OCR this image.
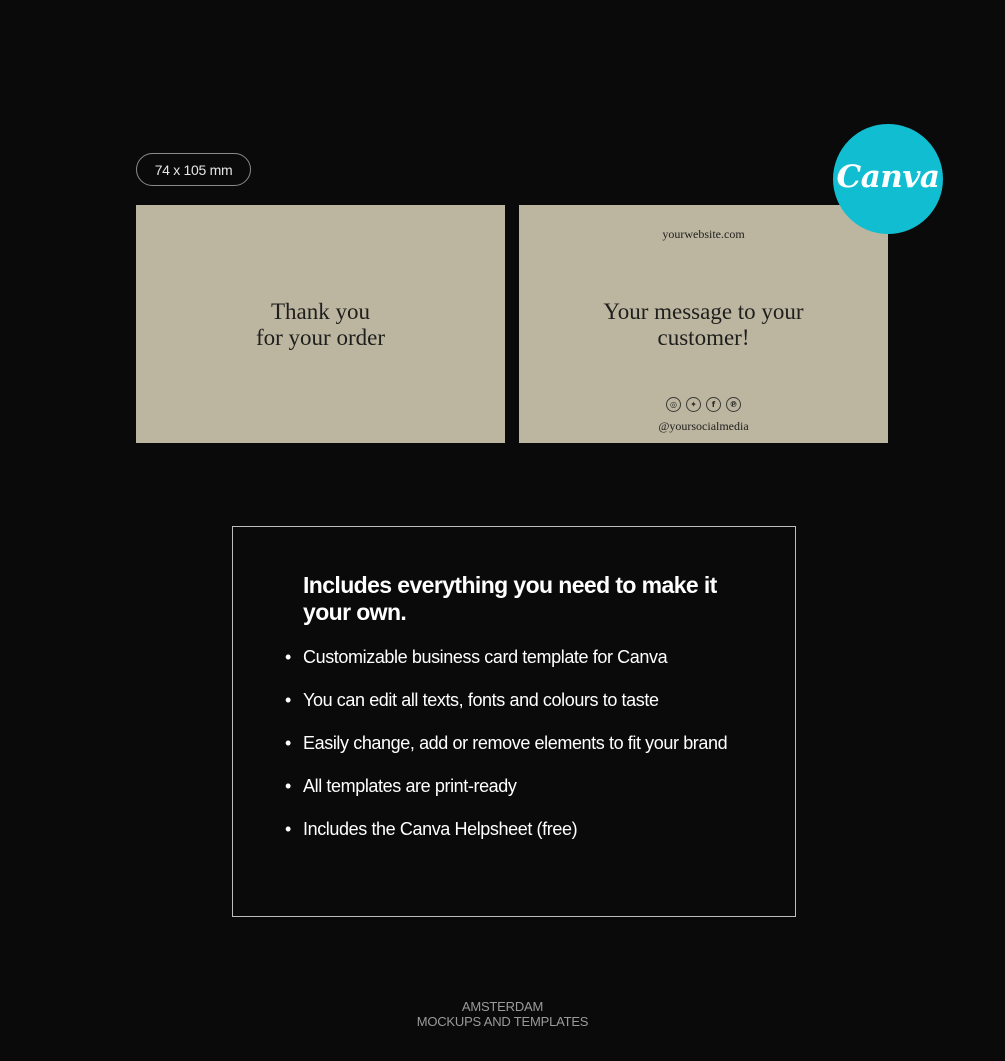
74 x 105 mm	Canva
Thank you
for your order
yourwebsite.com
Your message to your
customer!
◎	✦	f	℗
@yoursocialmedia
Includes everything you need to make it your own.
• Customizable business card template for Canva
• You can edit all texts, fonts and colours to taste
• Easily change, add or remove elements to fit your brand
• All templates are print-ready
• Includes the Canva Helpsheet (free)
AMSTERDAM
MOCKUPS AND TEMPLATES
